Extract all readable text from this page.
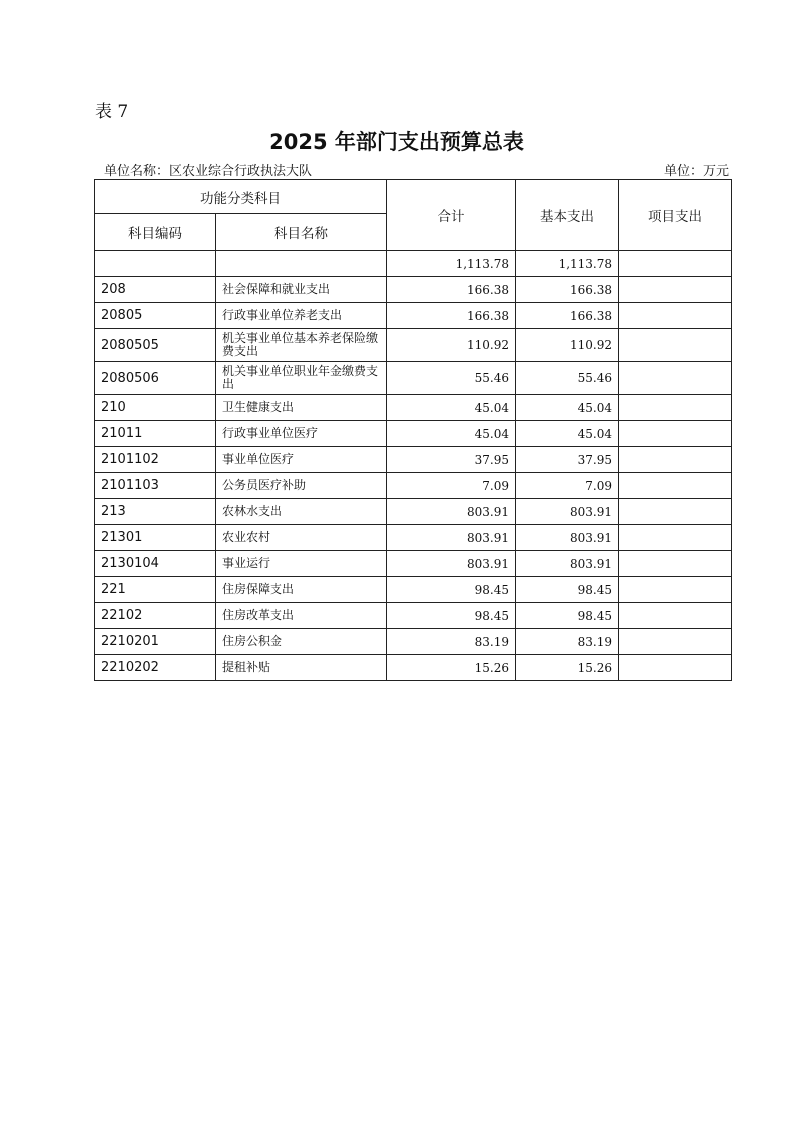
表 7
2025 年部门支出预算总表
单位名称：区农业综合行政执法大队	单位：万元
功能分类科目		合计	基本支出	项目支出
科目编码	科目名称			
		1,113.78	1,113.78	
208	社会保障和就业支出	166.38	166.38	
20805	行政事业单位养老支出	166.38	166.38	
2080505	机关事业单位基本养老保险缴费支出	110.92	110.92	
2080506	机关事业单位职业年金缴费支出	55.46	55.46	
210	卫生健康支出	45.04	45.04	
21011	行政事业单位医疗	45.04	45.04	
2101102	事业单位医疗	37.95	37.95	
2101103	公务员医疗补助	7.09	7.09	
213	农林水支出	803.91	803.91	
21301	农业农村	803.91	803.91	
2130104	事业运行	803.91	803.91	
221	住房保障支出	98.45	98.45	
22102	住房改革支出	98.45	98.45	
2210201	住房公积金	83.19	83.19	
2210202	提租补贴	15.26	15.26	
